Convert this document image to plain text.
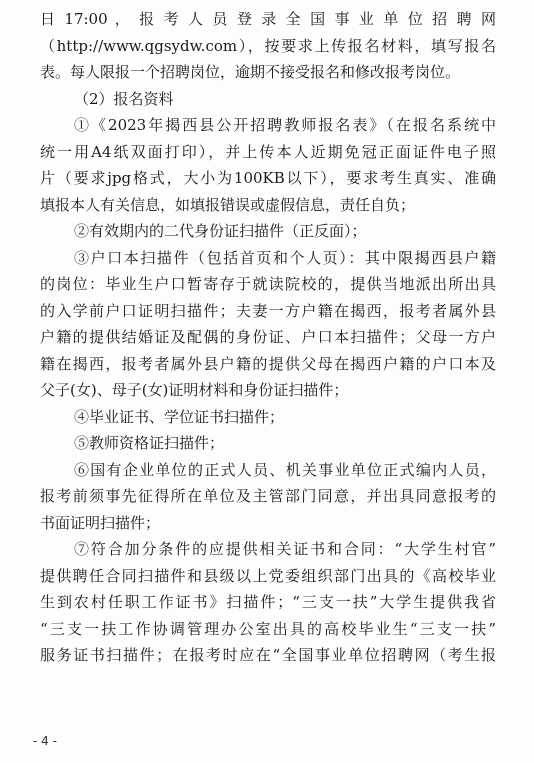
日 17:00 ， 报 考 人 员 登 录 全 国 事 业 单 位 招 聘 网
（http://www.qgsydw.com），按要求上传报名材料，填写报名
表。每人限报一个招聘岗位，逾期不接受报名和修改报考岗位。
（2）报名资料
①《2023年揭西县公开招聘教师报名表》（在报名系统中
统一用A4纸双面打印），并上传本人近期免冠正面证件电子照
片（要求jpg格式，大小为100KB以下），要求考生真实、准确
填报本人有关信息，如填报错误或虚假信息，责任自负；
②有效期内的二代身份证扫描件（正反面）；
③户口本扫描件（包括首页和个人页）：其中限揭西县户籍
的岗位：毕业生户口暂寄存于就读院校的，提供当地派出所出具
的入学前户口证明扫描件；夫妻一方户籍在揭西，报考者属外县
户籍的提供结婚证及配偶的身份证、户口本扫描件；父母一方户
籍在揭西，报考者属外县户籍的提供父母在揭西户籍的户口本及
父子(女)、母子(女)证明材料和身份证扫描件；
④毕业证书、学位证书扫描件；
⑤教师资格证扫描件；
⑥国有企业单位的正式人员、机关事业单位正式编内人员，
报考前须事先征得所在单位及主管部门同意，并出具同意报考的
书面证明扫描件；
⑦符合加分条件的应提供相关证书和合同：“大学生村官”
提供聘任合同扫描件和县级以上党委组织部门出具的《高校毕业
生到农村任职工作证书》扫描件；“三支一扶”大学生提供我省
“三支一扶工作协调管理办公室出具的高校毕业生“三支一扶”
服务证书扫描件；在报考时应在“全国事业单位招聘网（考生报
- 4 -
